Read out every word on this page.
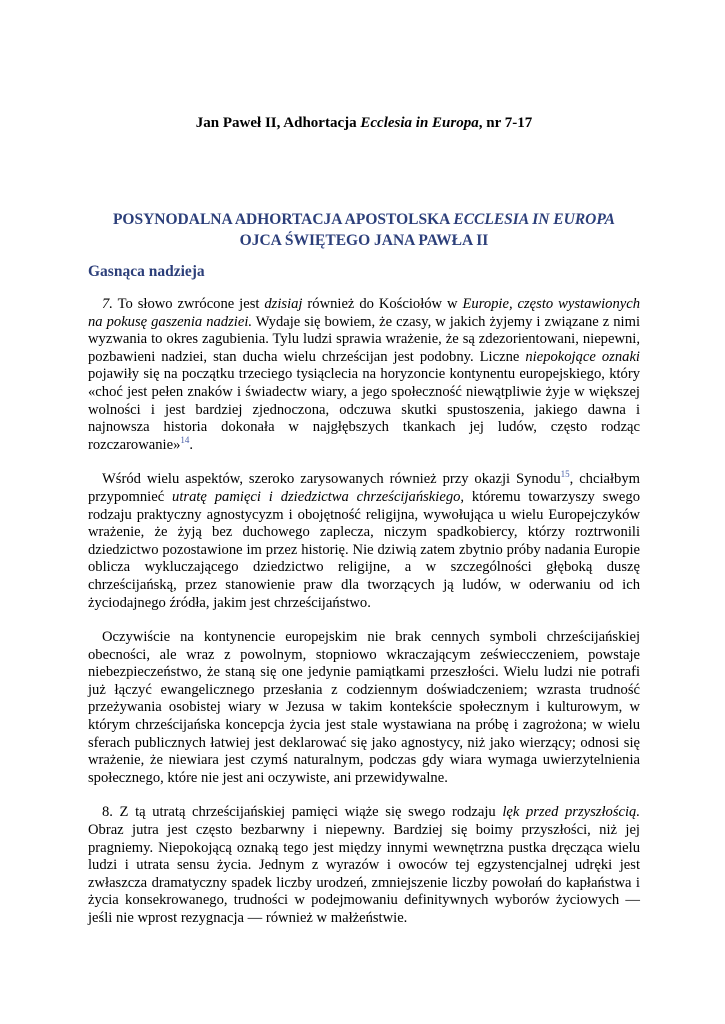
Jan Paweł II, Adhortacja Ecclesia in Europa, nr 7-17
POSYNODALNA ADHORTACJA APOSTOLSKA ECCLESIA IN EUROPA
OJCA ŚWIĘTEGO JANA PAWŁA II
Gasnąca nadzieja

7. To słowo zwrócone jest dzisiaj również do Kościołów w Europie, często wystawionych na pokusę gaszenia nadziei. Wydaje się bowiem, że czasy, w jakich żyjemy i związane z nimi wyzwania to okres zagubienia. Tylu ludzi sprawia wrażenie, że są zdezorientowani, niepewni, pozbawieni nadziei, stan ducha wielu chrześcijan jest podobny. Liczne niepokojące oznaki pojawiły się na początku trzeciego tysiąclecia na horyzoncie kontynentu europejskiego, który «choć jest pełen znaków i świadectw wiary, a jego społeczność niewątpliwie żyje w większej wolności i jest bardziej zjednoczona, odczuwa skutki spustoszenia, jakiego dawna i najnowsza historia dokonała w najgłębszych tkankach jej ludów, często rodząc rozczarowanie»$^{14}$.

Wśród wielu aspektów, szeroko zarysowanych również przy okazji Synodu$^{15}$, chciałbym przypomnieć utratę pamięci i dziedzictwa chrześcijańskiego, któremu towarzyszy swego rodzaju praktyczny agnostycyzm i obojętność religijna, wywołująca u wielu Europejczyków wrażenie, że żyją bez duchowego zaplecza, niczym spadkobiercy, którzy roztrwonili dziedzictwo pozostawione im przez historię. Nie dziwią zatem zbytnio próby nadania Europie oblicza wykluczającego dziedzictwo religijne, a w szczególności głęboką duszę chrześcijańską, przez stanowienie praw dla tworzących ją ludów, w oderwaniu od ich życiodajnego źródła, jakim jest chrześcijaństwo.

Oczywiście na kontynencie europejskim nie brak cennych symboli chrześcijańskiej obecności, ale wraz z powolnym, stopniowo wkraczającym zeświecczeniem, powstaje niebezpieczeństwo, że staną się one jedynie pamiątkami przeszłości. Wielu ludzi nie potrafi już łączyć ewangelicznego przesłania z codziennym doświadczeniem; wzrasta trudność przeżywania osobistej wiary w Jezusa w takim kontekście społecznym i kulturowym, w którym chrześcijańska koncepcja życia jest stale wystawiana na próbę i zagrożona; w wielu sferach publicznych łatwiej jest deklarować się jako agnostycy, niż jako wierzący; odnosi się wrażenie, że niewiara jest czymś naturalnym, podczas gdy wiara wymaga uwierzytelnienia społecznego, które nie jest ani oczywiste, ani przewidywalne.

8. Z tą utratą chrześcijańskiej pamięci wiąże się swego rodzaju lęk przed przyszłością. Obraz jutra jest często bezbarwny i niepewny. Bardziej się boimy przyszłości, niż jej pragniemy. Niepokojącą oznaką tego jest między innymi wewnętrzna pustka dręcząca wielu ludzi i utrata sensu życia. Jednym z wyrazów i owoców tej egzystencjalnej udręki jest zwłaszcza dramatyczny spadek liczby urodzeń, zmniejszenie liczby powołań do kapłaństwa i życia konsekrowanego, trudności w podejmowaniu definitywnych wyborów życiowych — jeśli nie wprost rezygnacja — również w małżeństwie.
